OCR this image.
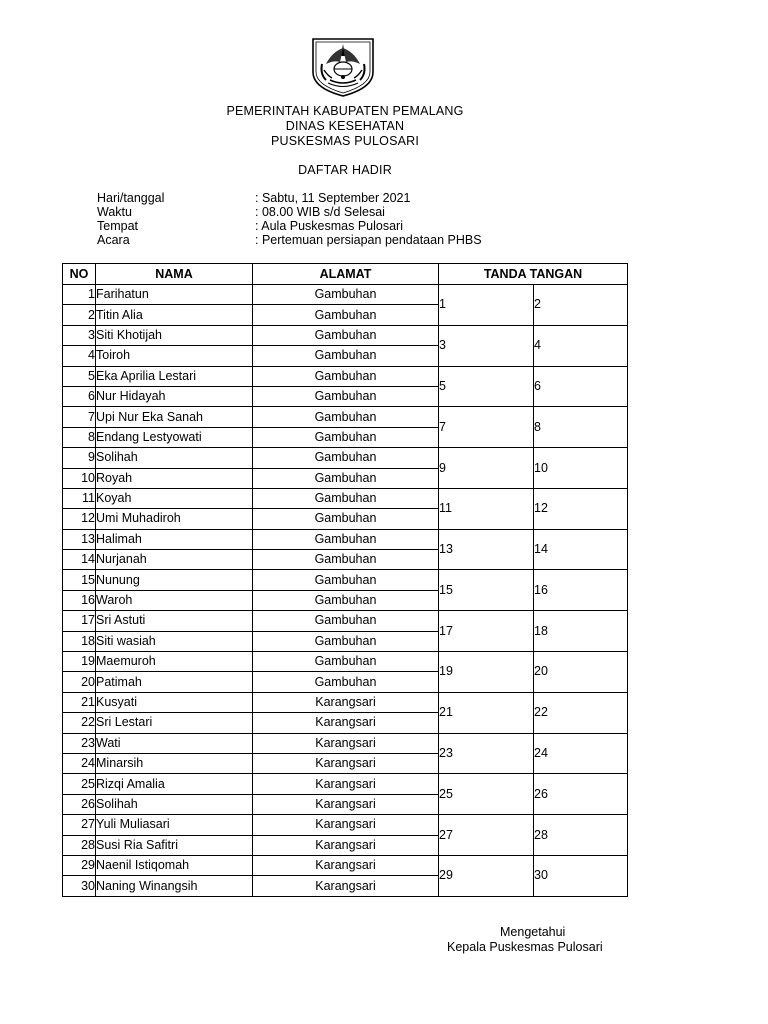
PEMERINTAH KABUPATEN PEMALANG
DINAS KESEHATAN
PUSKESMAS PULOSARI
DAFTAR HADIR
Hari/tanggal	: Sabtu, 11 September 2021
Waktu	: 08.00 WIB s/d Selesai
Tempat	: Aula Puskesmas Pulosari
Acara	: Pertemuan persiapan pendataan PHBS
NO	NAMA	ALAMAT	TANDA TANGAN	
1	Farihatun	Gambuhan	1	2
2	Titin Alia	Gambuhan		
3	Siti Khotijah	Gambuhan	3	4
4	Toiroh	Gambuhan		
5	Eka Aprilia Lestari	Gambuhan	5	6
6	Nur Hidayah	Gambuhan		
7	Upi Nur Eka Sanah	Gambuhan	7	8
8	Endang Lestyowati	Gambuhan		
9	Solihah	Gambuhan	9	10
10	Royah	Gambuhan		
11	Koyah	Gambuhan	11	12
12	Umi Muhadiroh	Gambuhan		
13	Halimah	Gambuhan	13	14
14	Nurjanah	Gambuhan		
15	Nunung	Gambuhan	15	16
16	Waroh	Gambuhan		
17	Sri Astuti	Gambuhan	17	18
18	Siti wasiah	Gambuhan		
19	Maemuroh	Gambuhan	19	20
20	Patimah	Gambuhan		
21	Kusyati	Karangsari	21	22
22	Sri Lestari	Karangsari		
23	Wati	Karangsari	23	24
24	Minarsih	Karangsari		
25	Rizqi Amalia	Karangsari	25	26
26	Solihah	Karangsari		
27	Yuli Muliasari	Karangsari	27	28
28	Susi Ria Safitri	Karangsari		
29	Naenil Istiqomah	Karangsari	29	30
30	Naning Winangsih	Karangsari		
Mengetahui
Kepala Puskesmas Pulosari
